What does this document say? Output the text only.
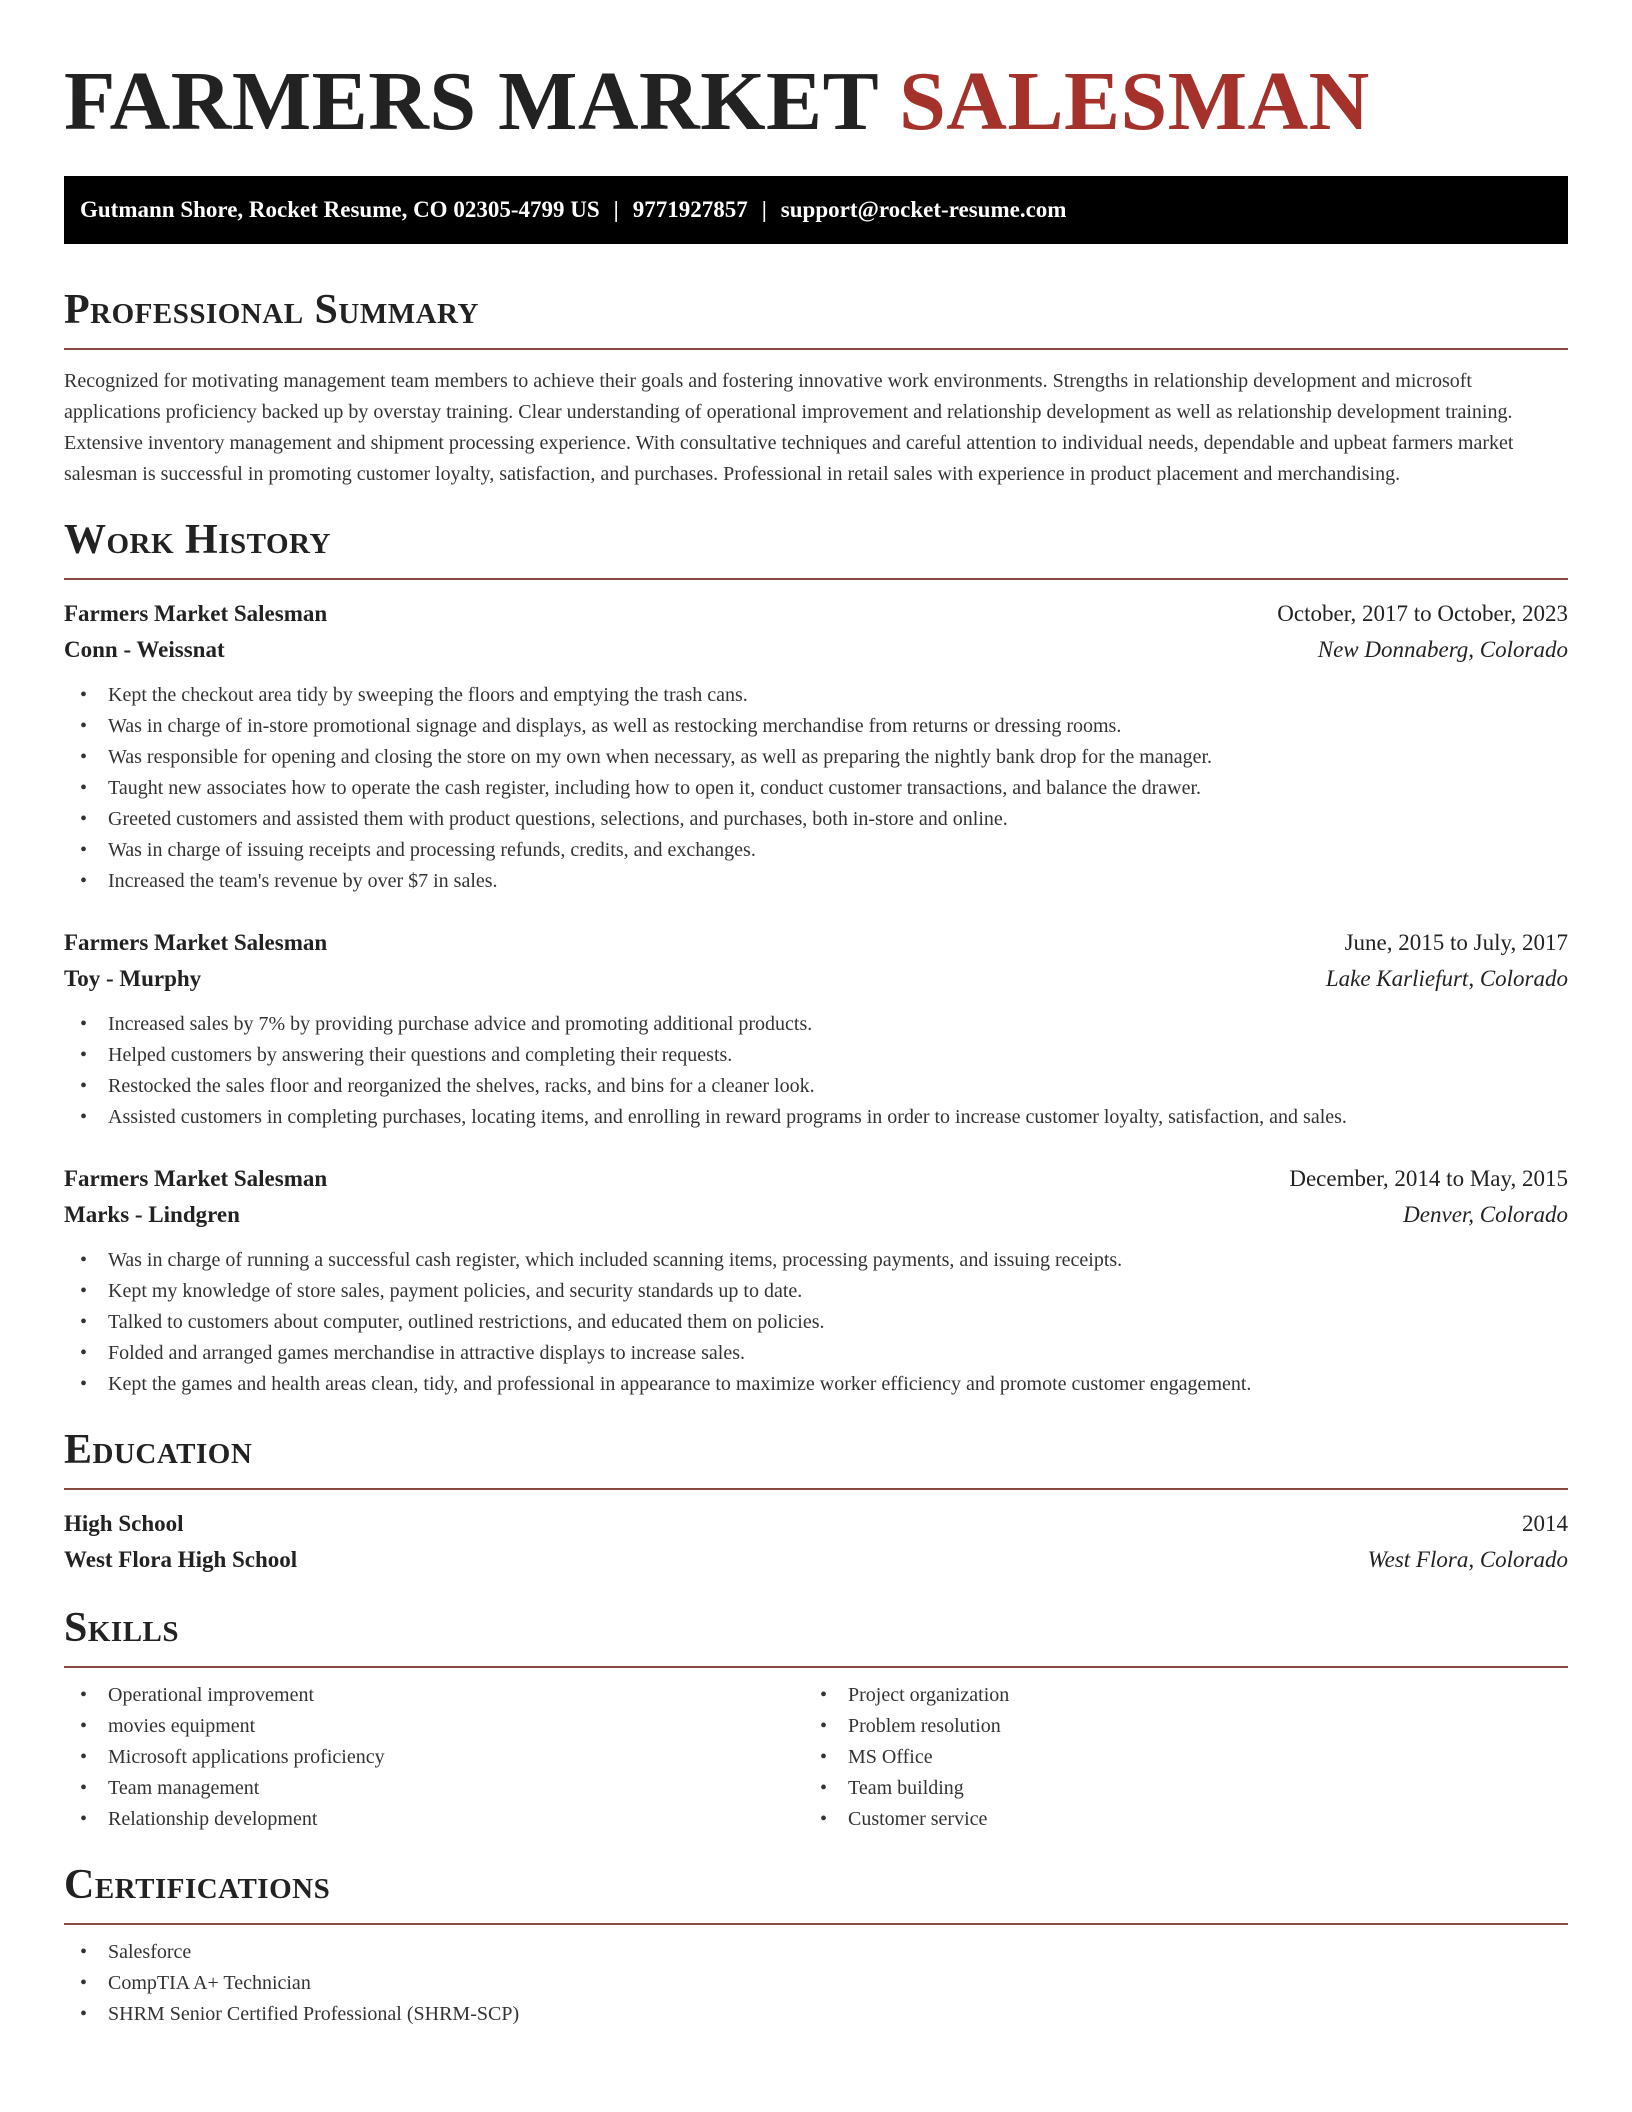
FARMERS MARKET SALESMAN
Gutmann Shore, Rocket Resume, CO 02305-4799 US | 9771927857 | support@rocket-resume.com
Professional Summary

Recognized for motivating management team members to achieve their goals and fostering innovative work environments. Strengths in relationship development and microsoft applications proficiency backed up by overstay training. Clear understanding of operational improvement and relationship development as well as relationship development training. Extensive inventory management and shipment processing experience. With consultative techniques and careful attention to individual needs, dependable and upbeat farmers market salesman is successful in promoting customer loyalty, satisfaction, and purchases. Professional in retail sales with experience in product placement and merchandising.

Work History
Farmers Market Salesman	October, 2017 to October, 2023
Conn - Weissnat	New Donnaberg, Colorado
• Kept the checkout area tidy by sweeping the floors and emptying the trash cans.
• Was in charge of in-store promotional signage and displays, as well as restocking merchandise from returns or dressing rooms.
• Was responsible for opening and closing the store on my own when necessary, as well as preparing the nightly bank drop for the manager.
• Taught new associates how to operate the cash register, including how to open it, conduct customer transactions, and balance the drawer.
• Greeted customers and assisted them with product questions, selections, and purchases, both in-store and online.
• Was in charge of issuing receipts and processing refunds, credits, and exchanges.
• Increased the team's revenue by over $7 in sales.
Farmers Market Salesman	June, 2015 to July, 2017
Toy - Murphy	Lake Karliefurt, Colorado
• Increased sales by 7% by providing purchase advice and promoting additional products.
• Helped customers by answering their questions and completing their requests.
• Restocked the sales floor and reorganized the shelves, racks, and bins for a cleaner look.
• Assisted customers in completing purchases, locating items, and enrolling in reward programs in order to increase customer loyalty, satisfaction, and sales.
Farmers Market Salesman	December, 2014 to May, 2015
Marks - Lindgren	Denver, Colorado
• Was in charge of running a successful cash register, which included scanning items, processing payments, and issuing receipts.
• Kept my knowledge of store sales, payment policies, and security standards up to date.
• Talked to customers about computer, outlined restrictions, and educated them on policies.
• Folded and arranged games merchandise in attractive displays to increase sales.
• Kept the games and health areas clean, tidy, and professional in appearance to maximize worker efficiency and promote customer engagement.
Education
High School	2014
West Flora High School	West Flora, Colorado
Skills
• Operational improvement
• movies equipment
• Microsoft applications proficiency
• Team management
• Relationship development
• Project organization
• Problem resolution
• MS Office
• Team building
• Customer service
Certifications
• Salesforce
• CompTIA A+ Technician
• SHRM Senior Certified Professional (SHRM-SCP)
